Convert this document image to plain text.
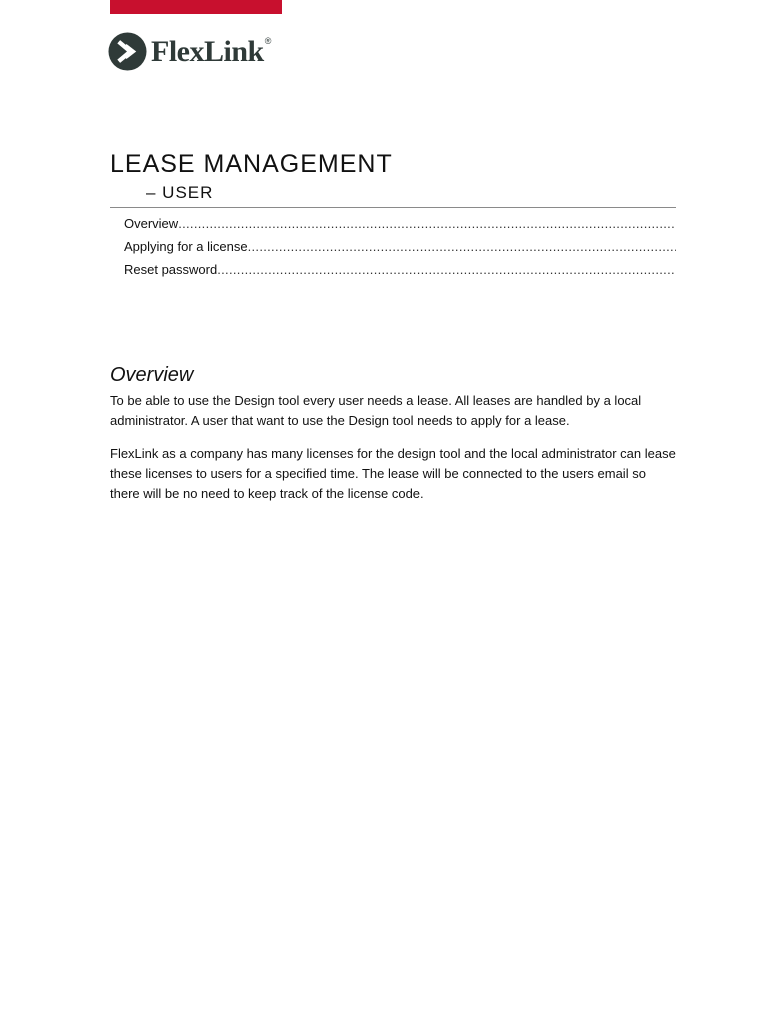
FlexLink ®
LEASE MANAGEMENT
– USER
Overview
.....
Applying for a license
.....
Reset password
.....
Overview

To be able to use the Design tool every user needs a lease. All leases are handled by a local administrator. A user that want to use the Design tool needs to apply for a lease.

FlexLink as a company has many licenses for the design tool and the local administrator can lease these licenses to users for a specified time. The lease will be connected to the users email so there will be no need to keep track of the license code.
